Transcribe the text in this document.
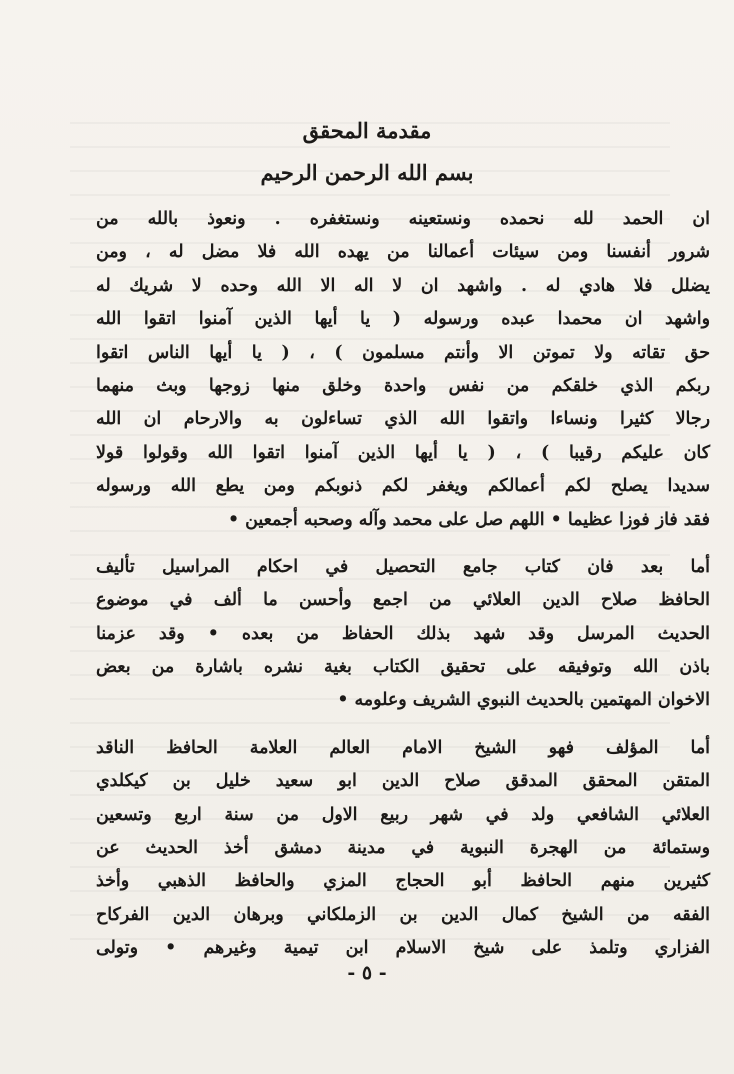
مقدمة المحقق
بسم الله الرحمن الرحيم
ان الحمد لله نحمده ونستعينه ونستغفره . ونعوذ بالله من
شرور أنفسنا ومن سيئات أعمالنا من يهده الله فلا مضل له ، ومن
يضلل فلا هادي له . واشهد ان لا اله الا الله وحده لا شريك له
واشهد ان محمدا عبده ورسوله ( يا أيها الذين آمنوا اتقوا الله
حق تقاته ولا تموتن الا وأنتم مسلمون ) ، ( يا أيها الناس اتقوا
ربكم الذي خلقكم من نفس واحدة وخلق منها زوجها وبث منهما
رجالا كثيرا ونساءا واتقوا الله الذي تساءلون به والارحام ان الله
كان عليكم رقيبا ) ، ( يا أيها الذين آمنوا اتقوا الله وقولوا قولا
سديدا يصلح لكم أعمالكم ويغفر لكم ذنوبكم ومن يطع الله ورسوله
فقد فاز فوزا عظيما • اللهم صل على محمد وآله وصحبه أجمعين •
أما بعد فان كتاب جامع التحصيل في احكام المراسيل تأليف
الحافظ صلاح الدين العلائي من اجمع وأحسن ما ألف في موضوع
الحديث المرسل وقد شهد بذلك الحفاظ من بعده • وقد عزمنا
باذن الله وتوفيقه على تحقيق الكتاب بغية نشره باشارة من بعض
الاخوان المهتمين بالحديث النبوي الشريف وعلومه •
أما المؤلف فهو الشيخ الامام العالم العلامة الحافظ الناقد
المتقن المحقق المدقق صلاح الدين ابو سعيد خليل بن كيكلدي
العلائي الشافعي ولد في شهر ربيع الاول من سنة اربع وتسعين
وستمائة من الهجرة النبوية في مدينة دمشق أخذ الحديث عن
كثيرين منهم الحافظ أبو الحجاج المزي والحافظ الذهبي وأخذ
الفقه من الشيخ كمال الدين بن الزملكاني وبرهان الدين الفركاح
الفزاري وتلمذ على شيخ الاسلام ابن تيمية وغيرهم • وتولى
- ٥ -
